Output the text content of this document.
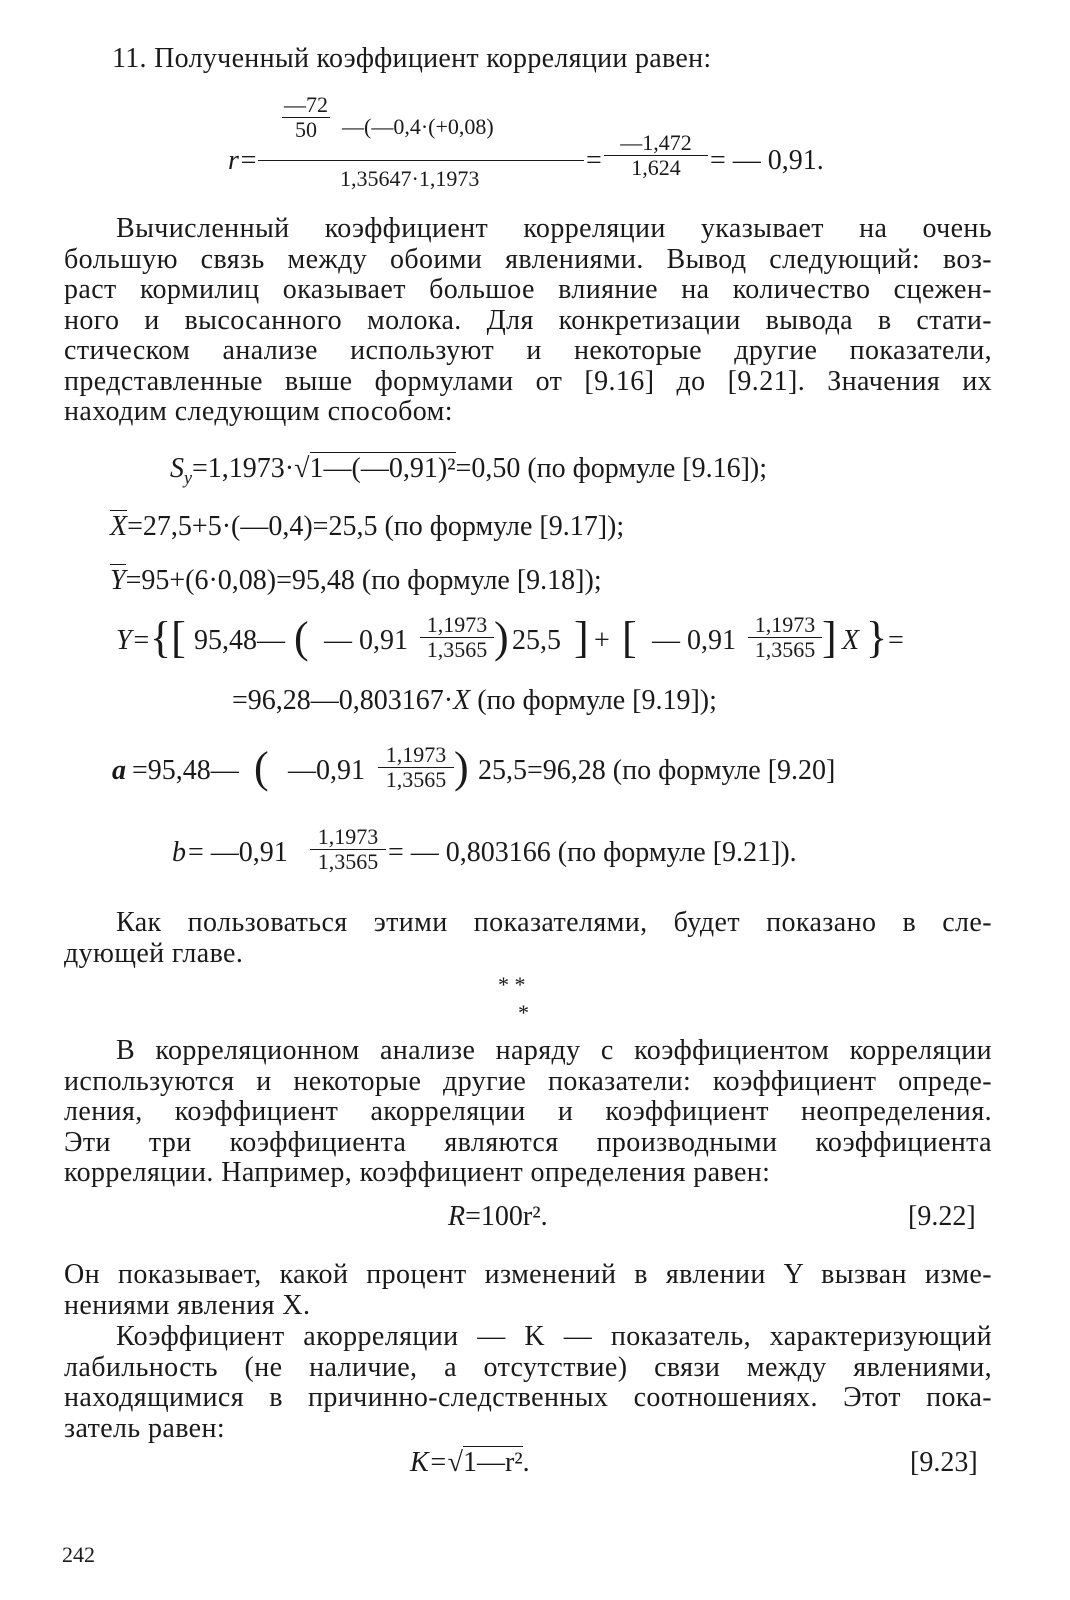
11. Полученный коэффициент корреляции равен:
r=
—72
50	—(—0,4·(+0,08)
1,35647·1,1973
=
—1,472
1,624	= — 0,91.
Вычисленный коэффициент корреляции указывает на очень
большую связь между обоими явлениями. Вывод следующий: воз-
раст кормилиц оказывает большое влияние на количество сцежен-
ного и высосанного молока. Для конкретизации вывода в стати-
стическом анализе используют и некоторые другие показатели,
представленные выше формулами от [9.16] до [9.21]. Значения их
находим следующим способом:
$S_y=1,1973\cdot√1—(—0,91)^2=0,50$ (по формуле [9.16]);
X=27,5+5·(—0,4)=25,5 (по формуле [9.17]);
Y=95+(6·0,08)=95,48 (по формуле [9.18]);
Y= {[ 95,48— ( — 0,91
1,1973
1,3565 ) 25,5 ] + [ — 0,91
1,1973
1,3565 ] X } =
=96,28—0,803167·X (по формуле [9.19]);
a =95,48— ( —0,91
1,1973
1,3565 ) 25,5=96,28 (по формуле [9.20]
b = —0,91
1,1973
1,3565 = — 0,803166 (по формуле [9.21]).
Как пользоваться этими показателями, будет показано в сле-
дующей главе.
* *
*
В корреляционном анализе наряду с коэффициентом корреляции
используются и некоторые другие показатели: коэффициент опреде-
ления, коэффициент акорреляции и коэффициент неопределения.
Эти три коэффициента являются производными коэффициента
корреляции. Например, коэффициент определения равен:
R=100r².	[9.22]
Он показывает, какой процент изменений в явлении Y вызван изме-
нениями явления X.
Коэффициент акорреляции — K — показатель, характеризующий
лабильность (не наличие, а отсутствие) связи между явлениями,
находящимися в причинно-следственных соотношениях. Этот пока-
затель равен:
K=√1—r².	[9.23]
242
